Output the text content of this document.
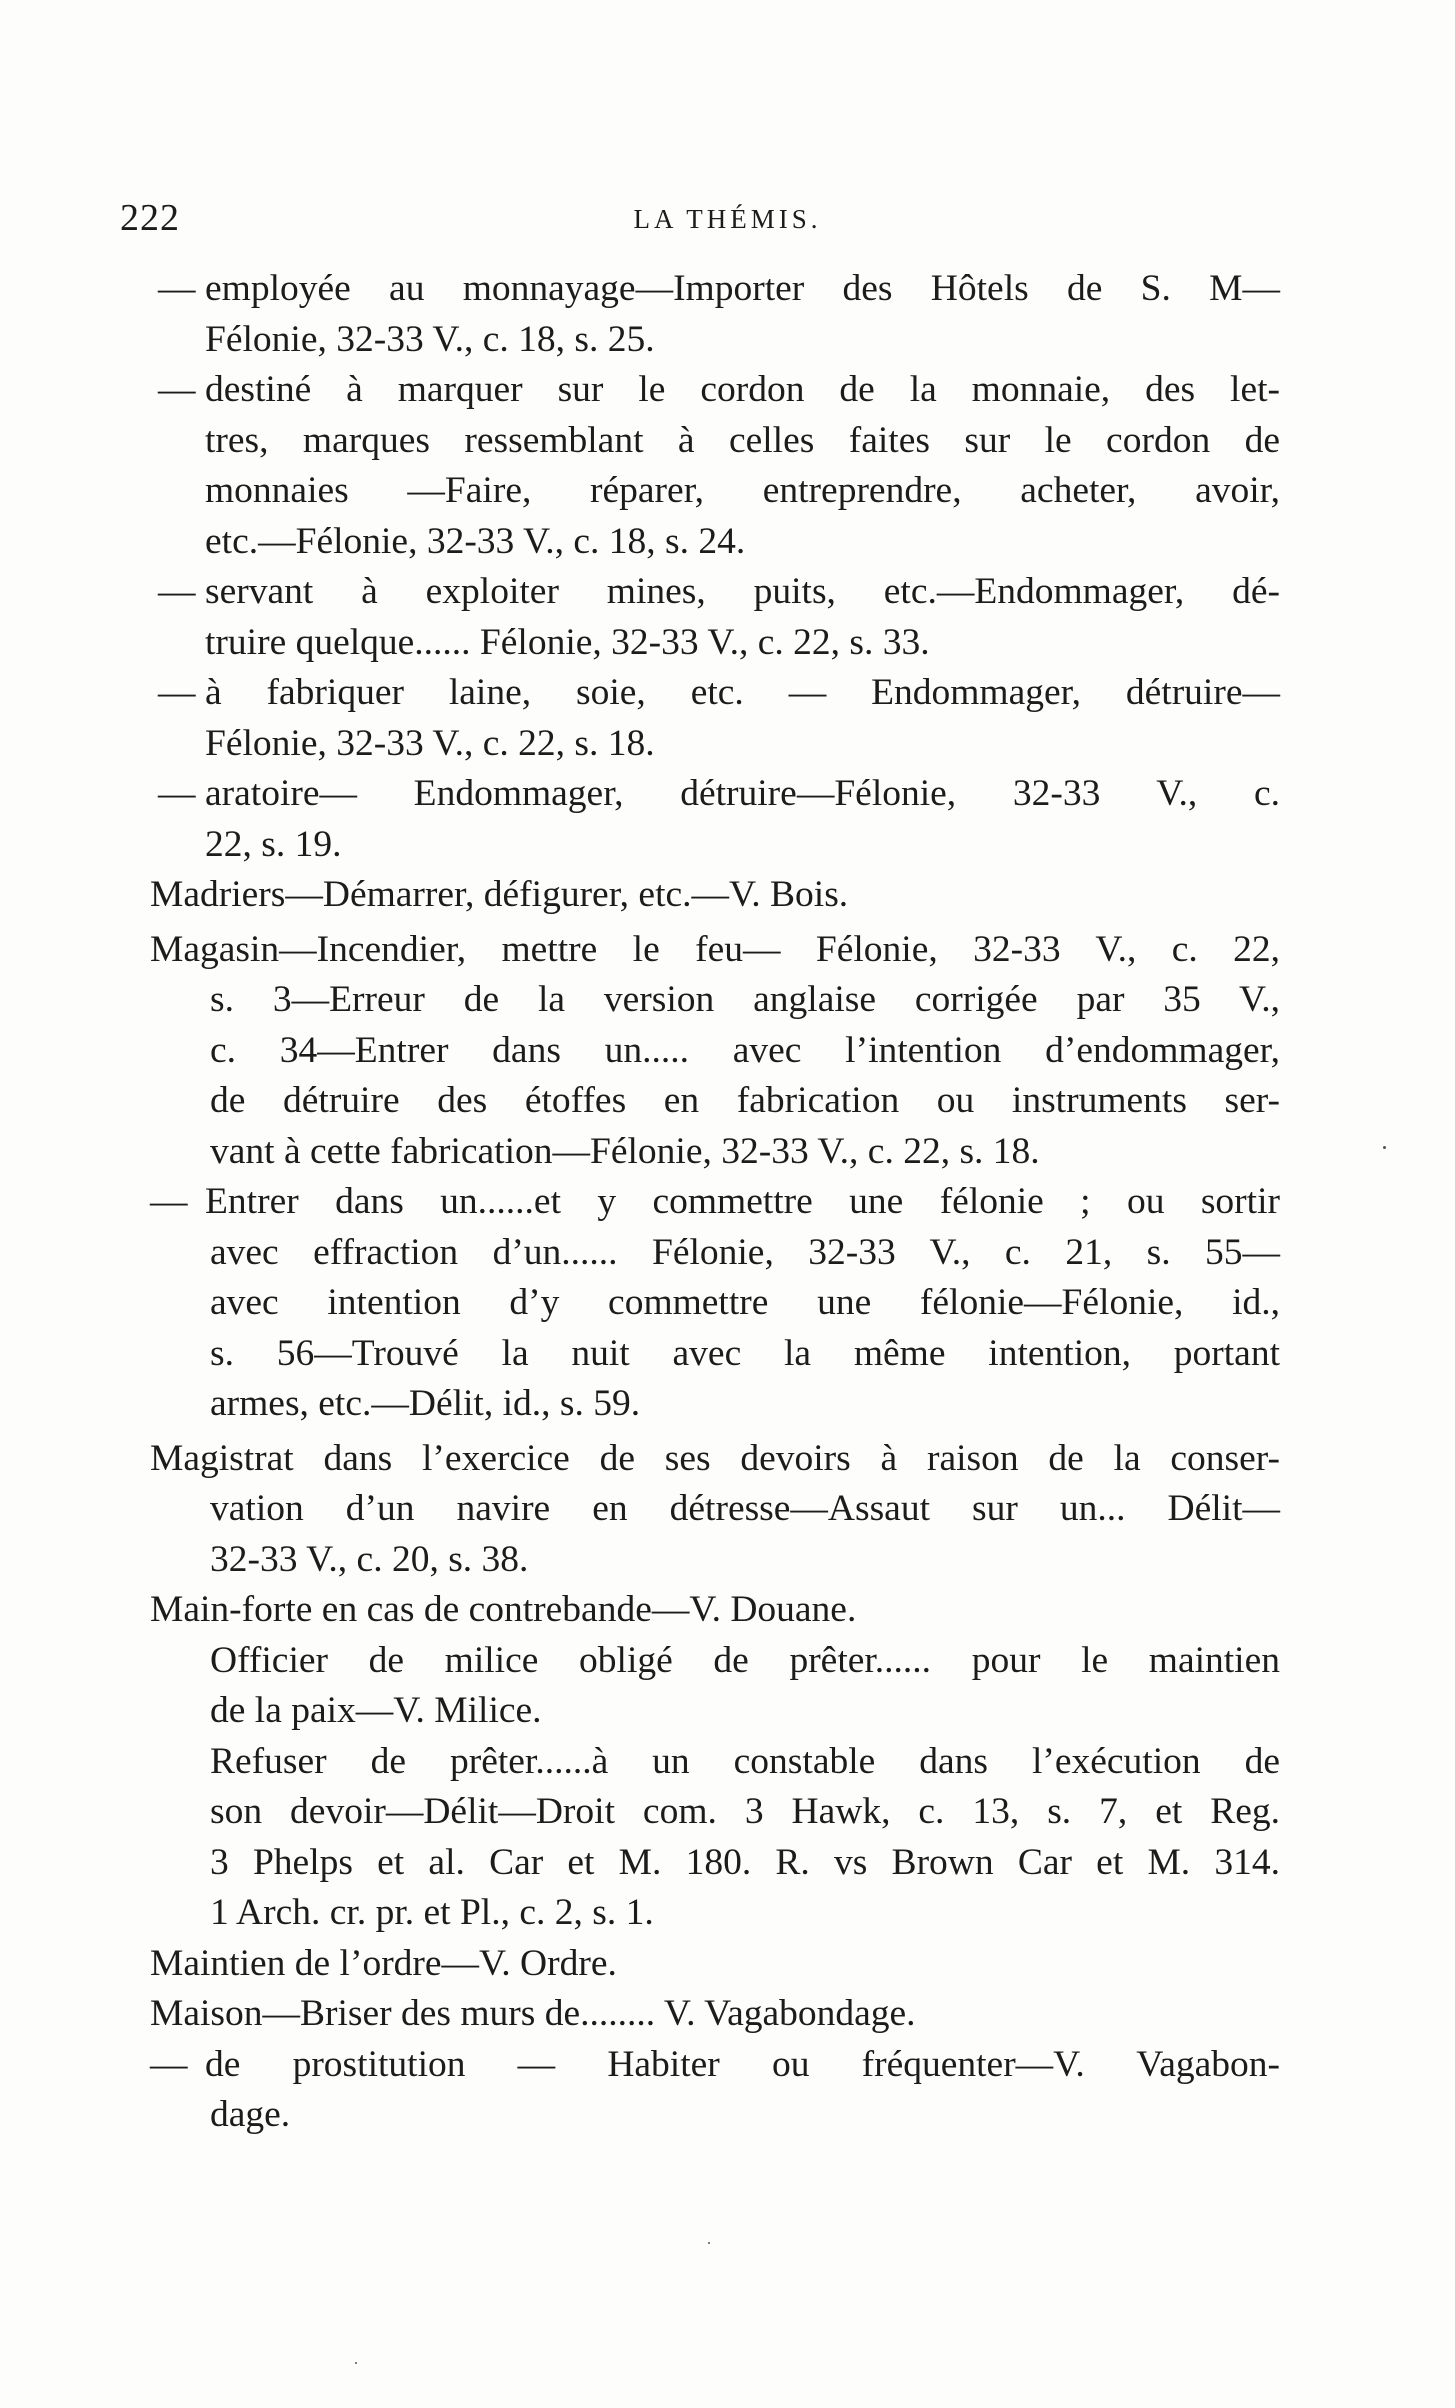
222	LA THÉMIS.
— employée au monnayage—Importer des Hôtels de S. M—
Félonie, 32-33 V., c. 18, s. 25.
— destiné à marquer sur le cordon de la monnaie, des let-
tres, marques ressemblant à celles faites sur le cordon de
monnaies —Faire, réparer, entreprendre, acheter, avoir,
etc.—Félonie, 32-33 V., c. 18, s. 24.
— servant à exploiter mines, puits, etc.—Endommager, dé-
truire quelque...... Félonie, 32-33 V., c. 22, s. 33.
— à fabriquer laine, soie, etc. — Endommager, détruire—
Félonie, 32-33 V., c. 22, s. 18.
— aratoire— Endommager, détruire—Félonie, 32-33 V., c.
22, s. 19.
Madriers—Démarrer, défigurer, etc.—V. Bois.
Magasin—Incendier, mettre le feu— Félonie, 32-33 V., c. 22,
s. 3—Erreur de la version anglaise corrigée par 35 V.,
c. 34—Entrer dans un..... avec l’intention d’endommager,
de détruire des étoffes en fabrication ou instruments ser-
vant à cette fabrication—Félonie, 32-33 V., c. 22, s. 18.
— Entrer dans un......et y commettre une félonie ; ou sortir
avec effraction d’un...... Félonie, 32-33 V., c. 21, s. 55—
avec intention d’y commettre une félonie—Félonie, id.,
s. 56—Trouvé la nuit avec la même intention, portant
armes, etc.—Délit, id., s. 59.
Magistrat dans l’exercice de ses devoirs à raison de la conser-
vation d’un navire en détresse—Assaut sur un... Délit—
32-33 V., c. 20, s. 38.
Main-forte en cas de contrebande—V. Douane.
Officier de milice obligé de prêter...... pour le maintien
de la paix—V. Milice.
Refuser de prêter......à un constable dans l’exécution de
son devoir—Délit—Droit com. 3 Hawk, c. 13, s. 7, et Reg.
3 Phelps et al. Car et M. 180. R. vs Brown Car et M. 314.
1 Arch. cr. pr. et Pl., c. 2, s. 1.
Maintien de l’ordre—V. Ordre.
Maison—Briser des murs de........ V. Vagabondage.
— de prostitution — Habiter ou fréquenter—V. Vagabon-
dage.
